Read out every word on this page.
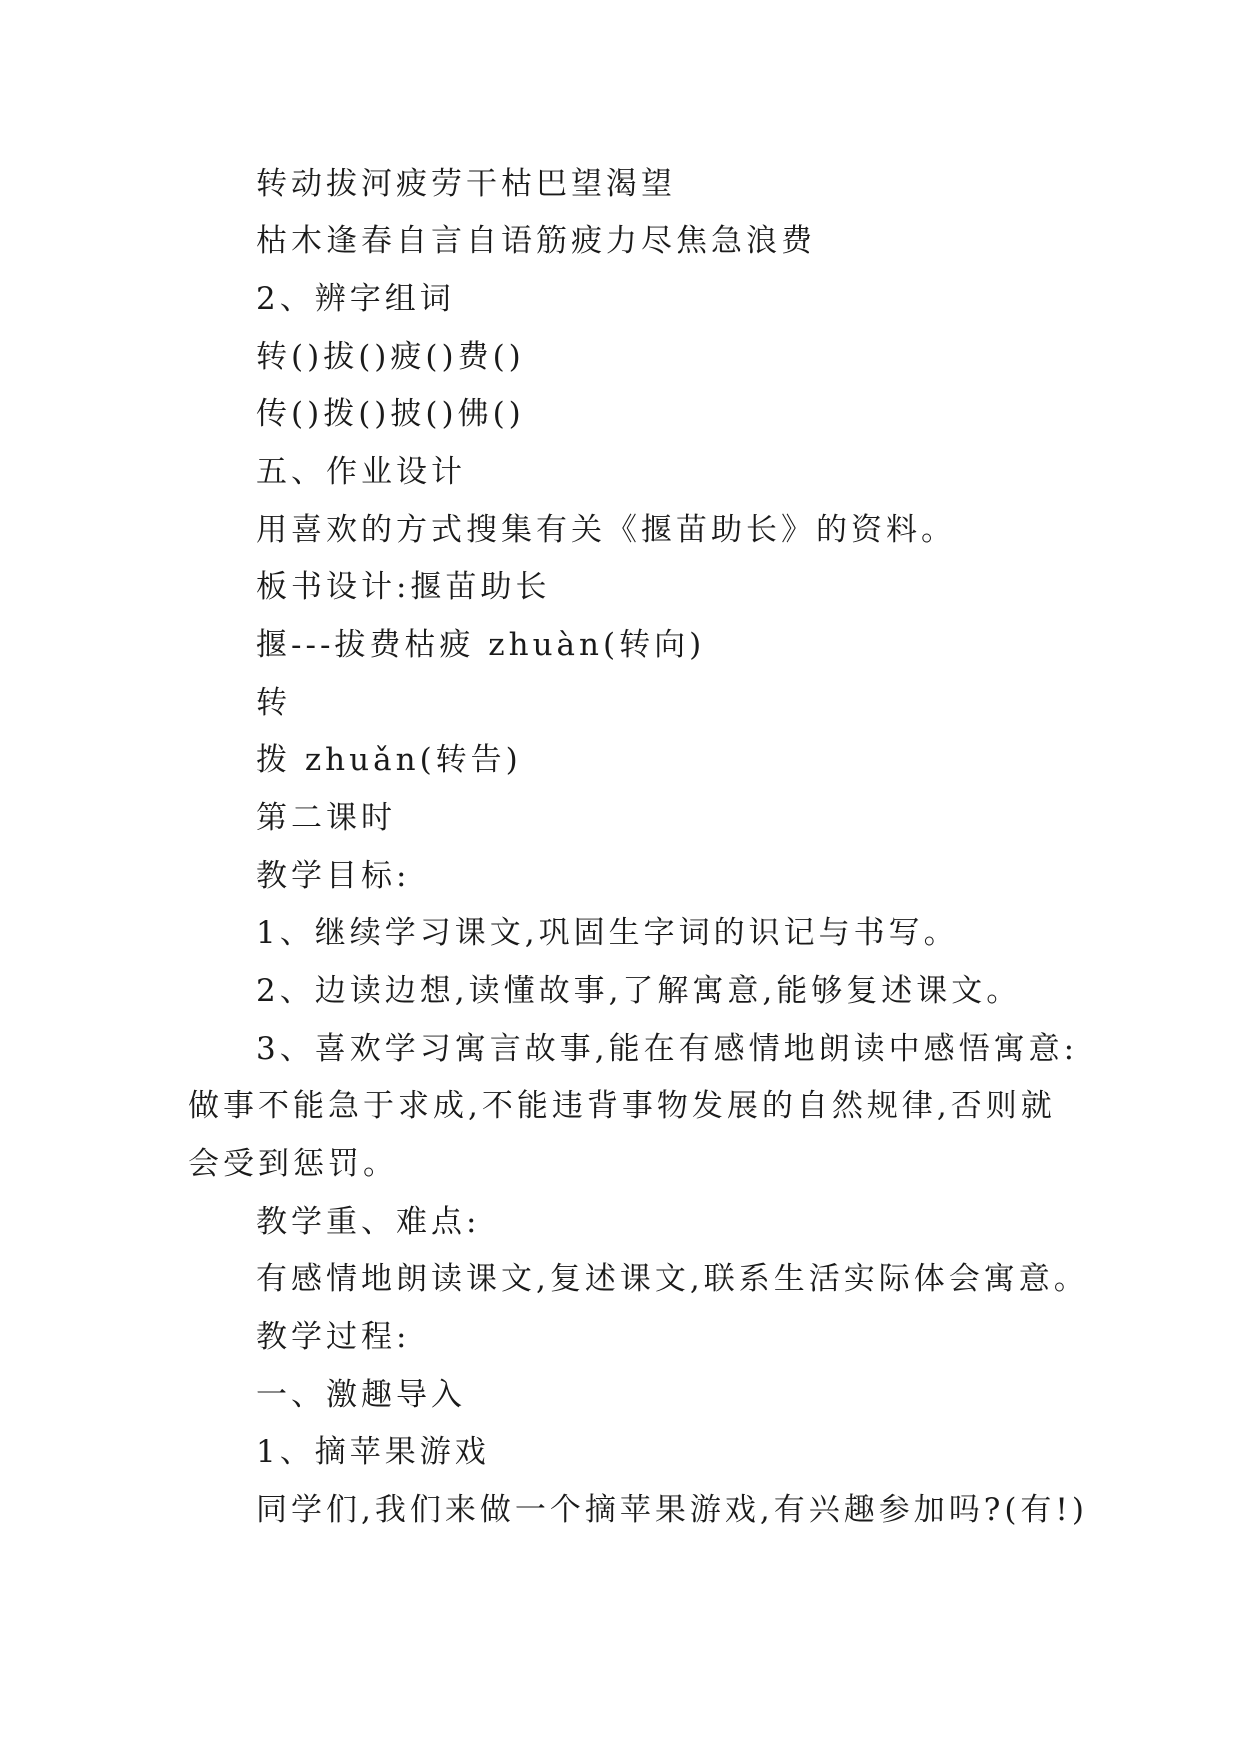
转动拔河疲劳干枯巴望渴望
枯木逢春自言自语筋疲力尽焦急浪费
2、辨字组词
转()拔()疲()费()
传()拨()披()佛()
五、作业设计
用喜欢的方式搜集有关《揠苗助长》的资料。
板书设计:揠苗助长
揠---拔费枯疲 zhuàn(转向)
转
拨 zhuǎn(转告)
第二课时
教学目标:
1、继续学习课文,巩固生字词的识记与书写。
2、边读边想,读懂故事,了解寓意,能够复述课文。
3、喜欢学习寓言故事,能在有感情地朗读中感悟寓意:
做事不能急于求成,不能违背事物发展的自然规律,否则就
会受到惩罚。
教学重、难点:
有感情地朗读课文,复述课文,联系生活实际体会寓意。
教学过程:
一、激趣导入
1、摘苹果游戏
同学们,我们来做一个摘苹果游戏,有兴趣参加吗?(有!)
